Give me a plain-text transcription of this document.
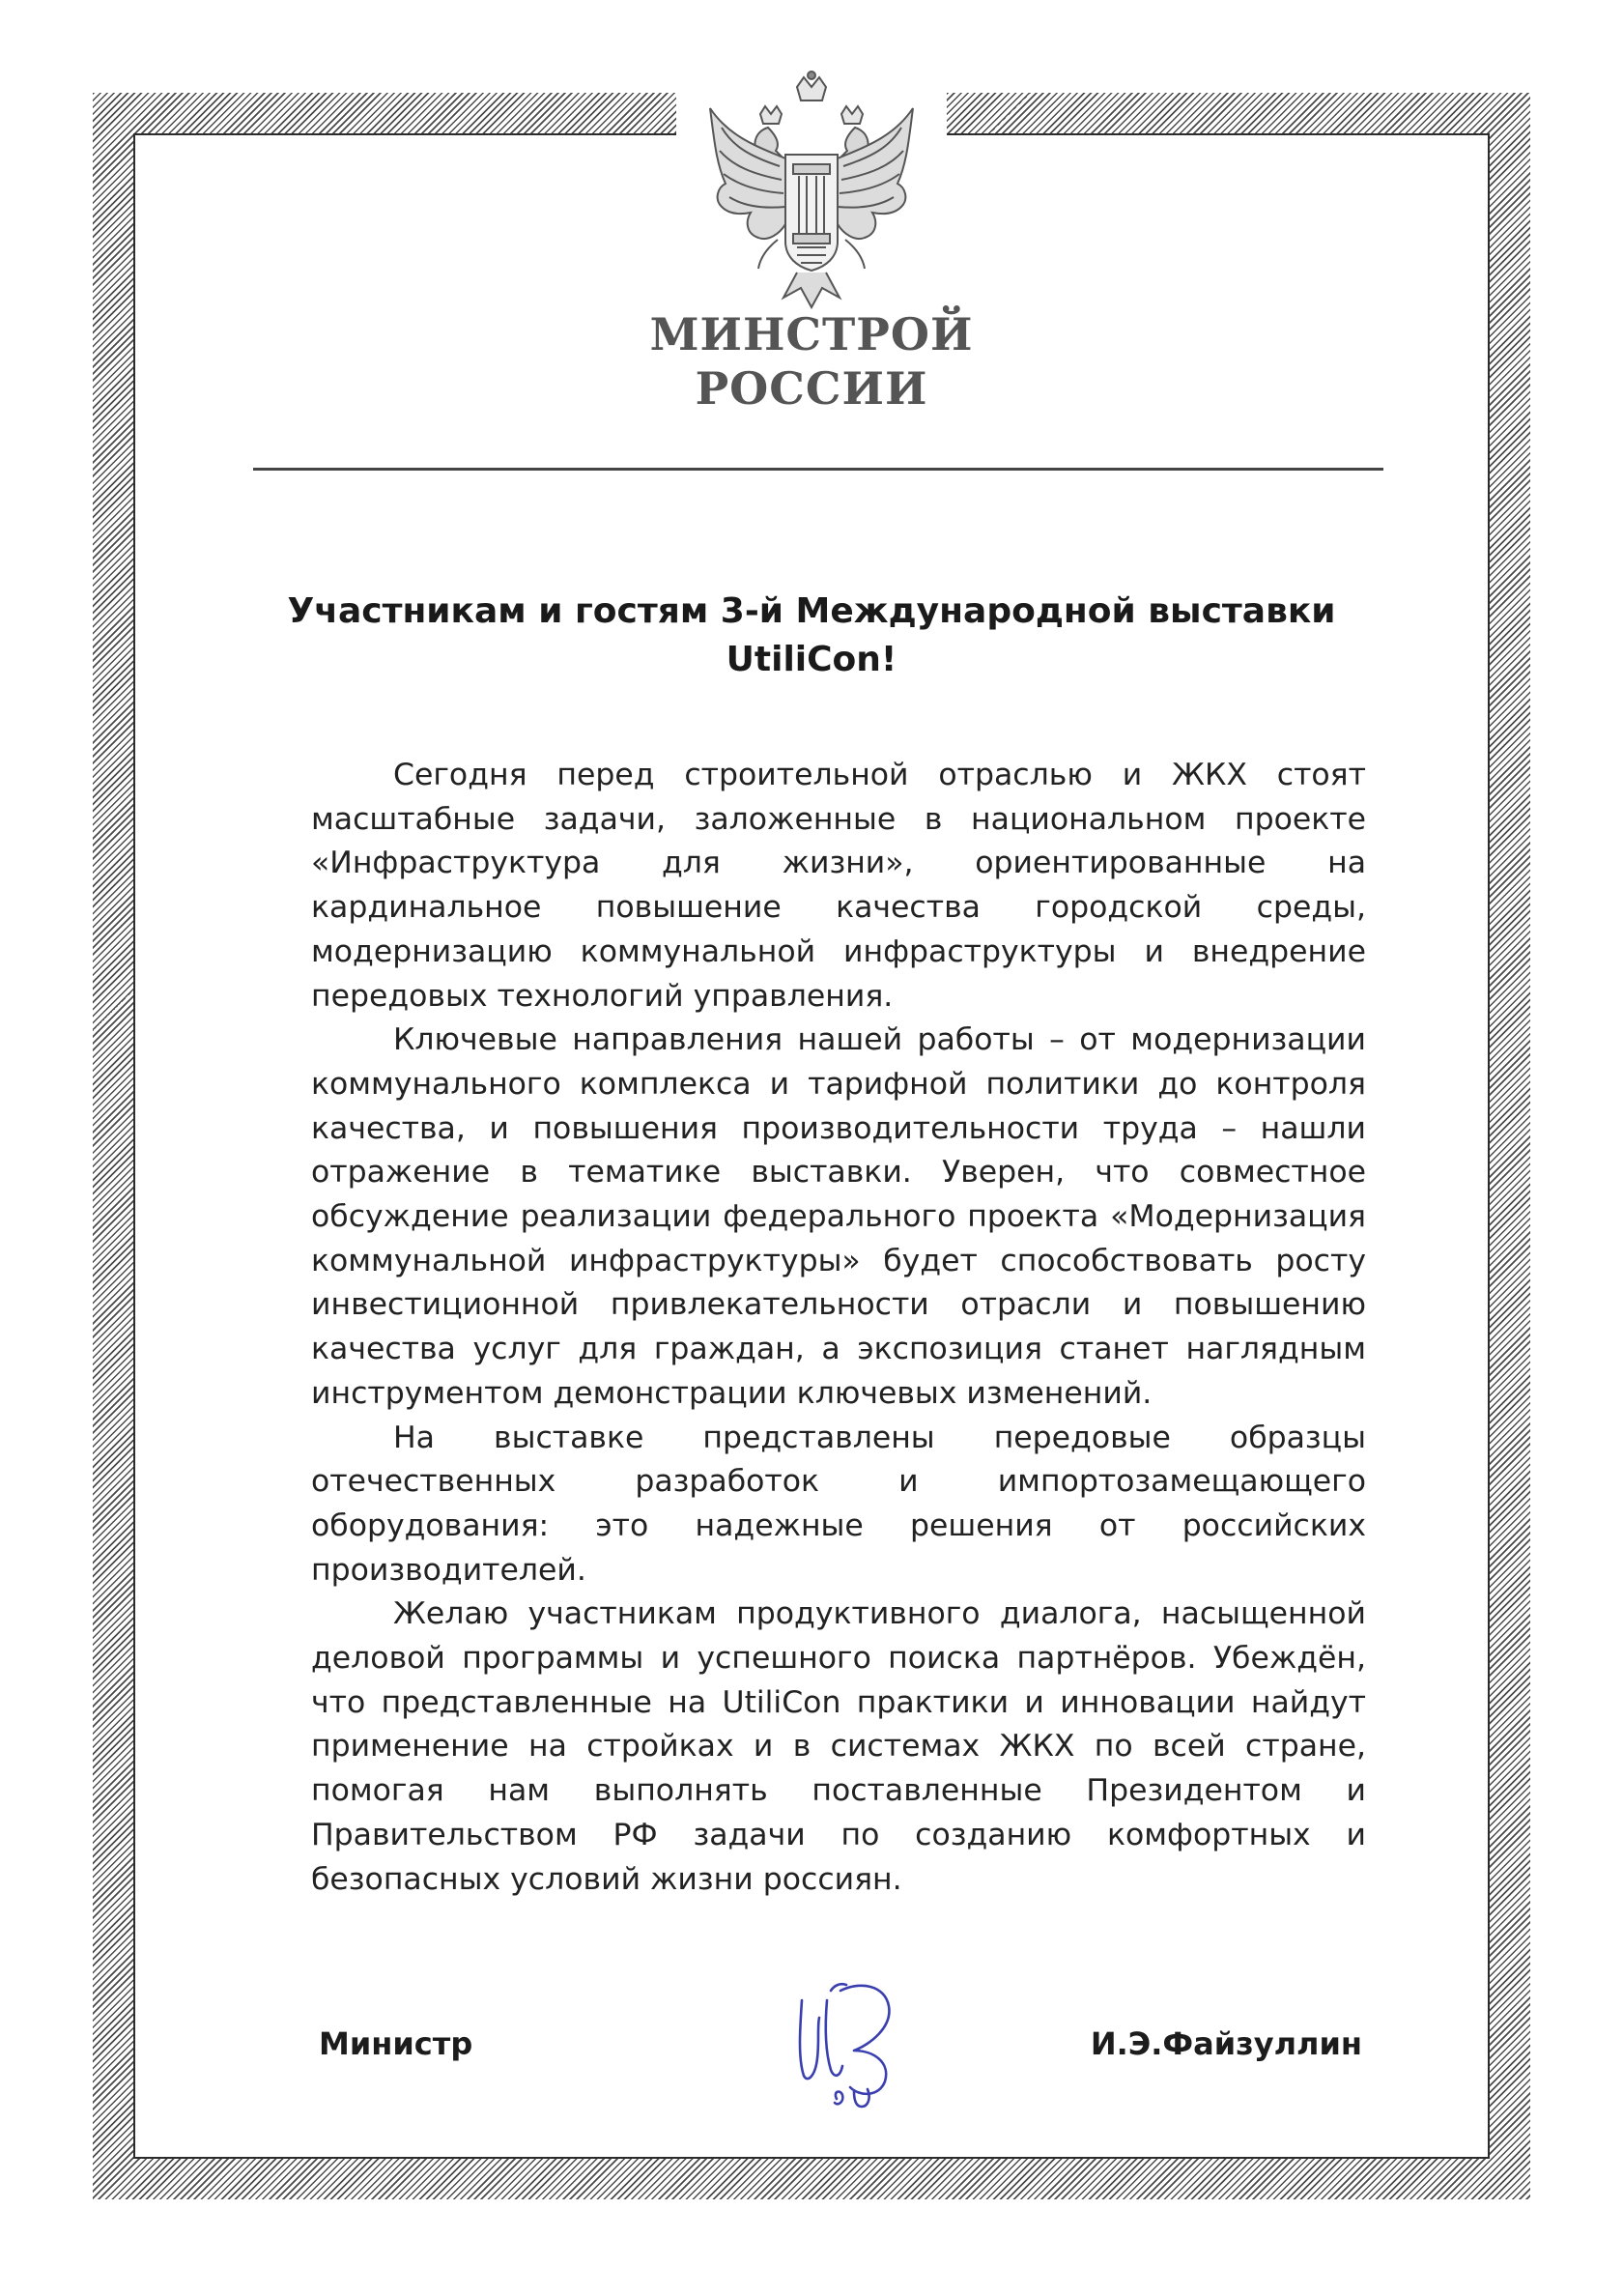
МИНСТРОЙ
РОССИИ
Участникам и гостям 3-й Международной выставки
UtiliCon!

Сегодня перед строительной отраслью и ЖКХ стоят масштабные задачи, заложенные в национальном проекте «Инфраструктура для жизни», ориентированные на кардинальное повышение качества городской среды, модернизацию коммунальной инфраструктуры и внедрение передовых технологий управления.

Ключевые направления нашей работы – от модернизации коммунального комплекса и тарифной политики до контроля качества, и повышения производительности труда – нашли отражение в тематике выставки. Уверен, что совместное обсуждение реализации федерального проекта «Модернизация коммунальной инфраструктуры» будет способствовать росту инвестиционной привлекательности отрасли и повышению качества услуг для граждан, а экспозиция станет наглядным инструментом демонстрации ключевых изменений.

На выставке представлены передовые образцы отечественных разработок и импортозамещающего оборудования: это надежные решения от российских производителей.

Желаю участникам продуктивного диалога, насыщенной деловой программы и успешного поиска партнёров. Убеждён, что представленные на UtiliCon практики и инновации найдут применение на стройках и в системах ЖКХ по всей стране, помогая нам выполнять поставленные Президентом и Правительством РФ задачи по созданию комфортных и безопасных условий жизни россиян.

Министр	И.Э.Файзуллин
